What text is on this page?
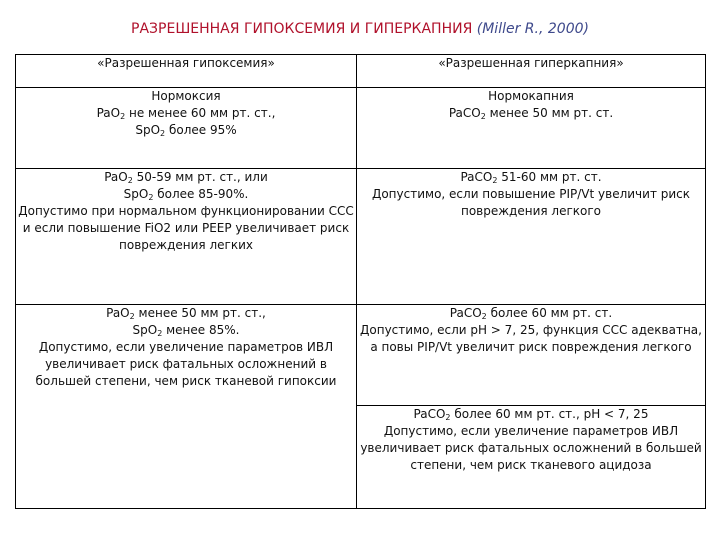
РАЗРЕШЕННАЯ ГИПОКСЕМИЯ И ГИПЕРКАПНИЯ (Miller R., 2000)
«Разрешенная гипоксемия»	«Разрешенная гиперкапния»

Нормоксия
PaO$_2$ не менее 60 мм рт. ст.,
SpO$_2$ более 95%	Нормокапния
PaCO$_2$ менее 50 мм рт. ст.

PaO$_2$ 50-59 мм рт. ст., или
SpO$_2$ более 85-90%.
Допустимо при нормальном функционировании ССС и если повышение FiO2 или PEEP увеличивает риск повреждения легких	PaCO$_2$ 51-60 мм рт. ст.
Допустимо, если повышение PIP/Vt увеличит риск повреждения легкого

PaO$_2$ менее 50 мм рт. ст.,
SpO$_2$ менее 85%.
Допустимо, если увеличение параметров ИВЛ увеличивает риск фатальных осложнений в большей степени, чем риск тканевой гипоксии	PaCO$_2$ более 60 мм рт. ст.
Допустимо, если pH > 7, 25, функция ССС адекватна, а повы PIP/Vt увеличит риск повреждения легкого

	PaCO$_2$ более 60 мм рт. ст., pH < 7, 25
Допустимо, если увеличение параметров ИВЛ увеличивает риск фатальных осложнений в большей степени, чем риск тканевого ацидоза
